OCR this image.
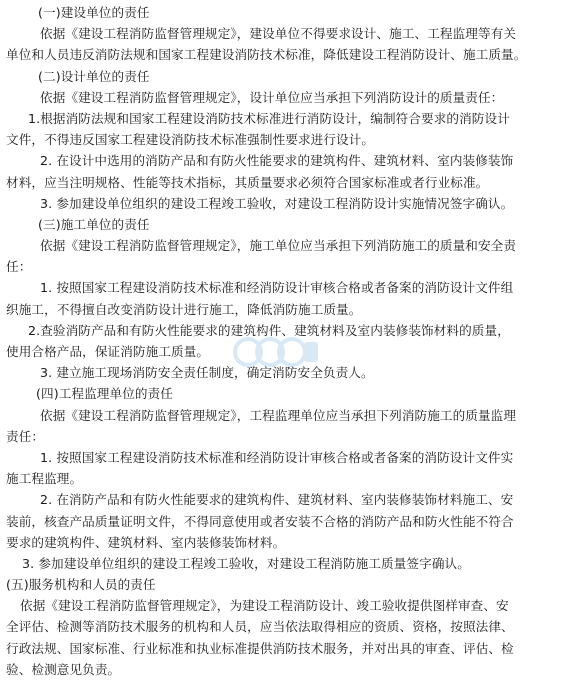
(一)建设单位的责任
依据《建设工程消防监督管理规定》，建设单位不得要求设计、施工、工程监理等有关
单位和人员违反消防法规和国家工程建设消防技术标准，降低建设工程消防设计、施工质量。
(二)设计单位的责任
依据《建设工程消防监督管理规定》，设计单位应当承担下列消防设计的质量责任：
1.根据消防法规和国家工程建设消防技术标准进行消防设计，编制符合要求的消防设计
文件，不得违反国家工程建设消防技术标准强制性要求进行设计。
2. 在设计中选用的消防产品和有防火性能要求的建筑构件、建筑材料、室内装修装饰
材料，应当注明规格、性能等技术指标，其质量要求必须符合国家标准或者行业标准。
3. 参加建设单位组织的建设工程竣工验收，对建设工程消防设计实施情况签字确认。
(三)施工单位的责任
依据《建设工程消防监督管理规定》，施工单位应当承担下列消防施工的质量和安全责
任：
1. 按照国家工程建设消防技术标准和经消防设计审核合格或者备案的消防设计文件组
织施工，不得擅自改变消防设计进行施工，降低消防施工质量。
2.查验消防产品和有防火性能要求的建筑构件、建筑材料及室内装修装饰材料的质量，
使用合格产品，保证消防施工质量。
3. 建立施工现场消防安全责任制度，确定消防安全负责人。
(四)工程监理单位的责任
依据《建设工程消防监督管理规定》，工程监理单位应当承担下列消防施工的质量监理
责任：
1. 按照国家工程建设消防技术标准和经消防设计审核合格或者备案的消防设计文件实
施工程监理。
2. 在消防产品和有防火性能要求的建筑构件、建筑材料、室内装修装饰材料施工、安
装前，核查产品质量证明文件，不得同意使用或者安装不合格的消防产品和防火性能不符合
要求的建筑构件、建筑材料、室内装修装饰材料。
3. 参加建设单位组织的建设工程竣工验收，对建设工程消防施工质量签字确认。
(五)服务机构和人员的责任
依据《建设工程消防监督管理规定》，为建设工程消防设计、竣工验收提供图样审查、安
全评估、检测等消防技术服务的机构和人员，应当依法取得相应的资质、资格，按照法律、
行政法规、国家标准、行业标准和执业标准提供消防技术服务，并对出具的审查、评估、检
验、检测意见负责。
